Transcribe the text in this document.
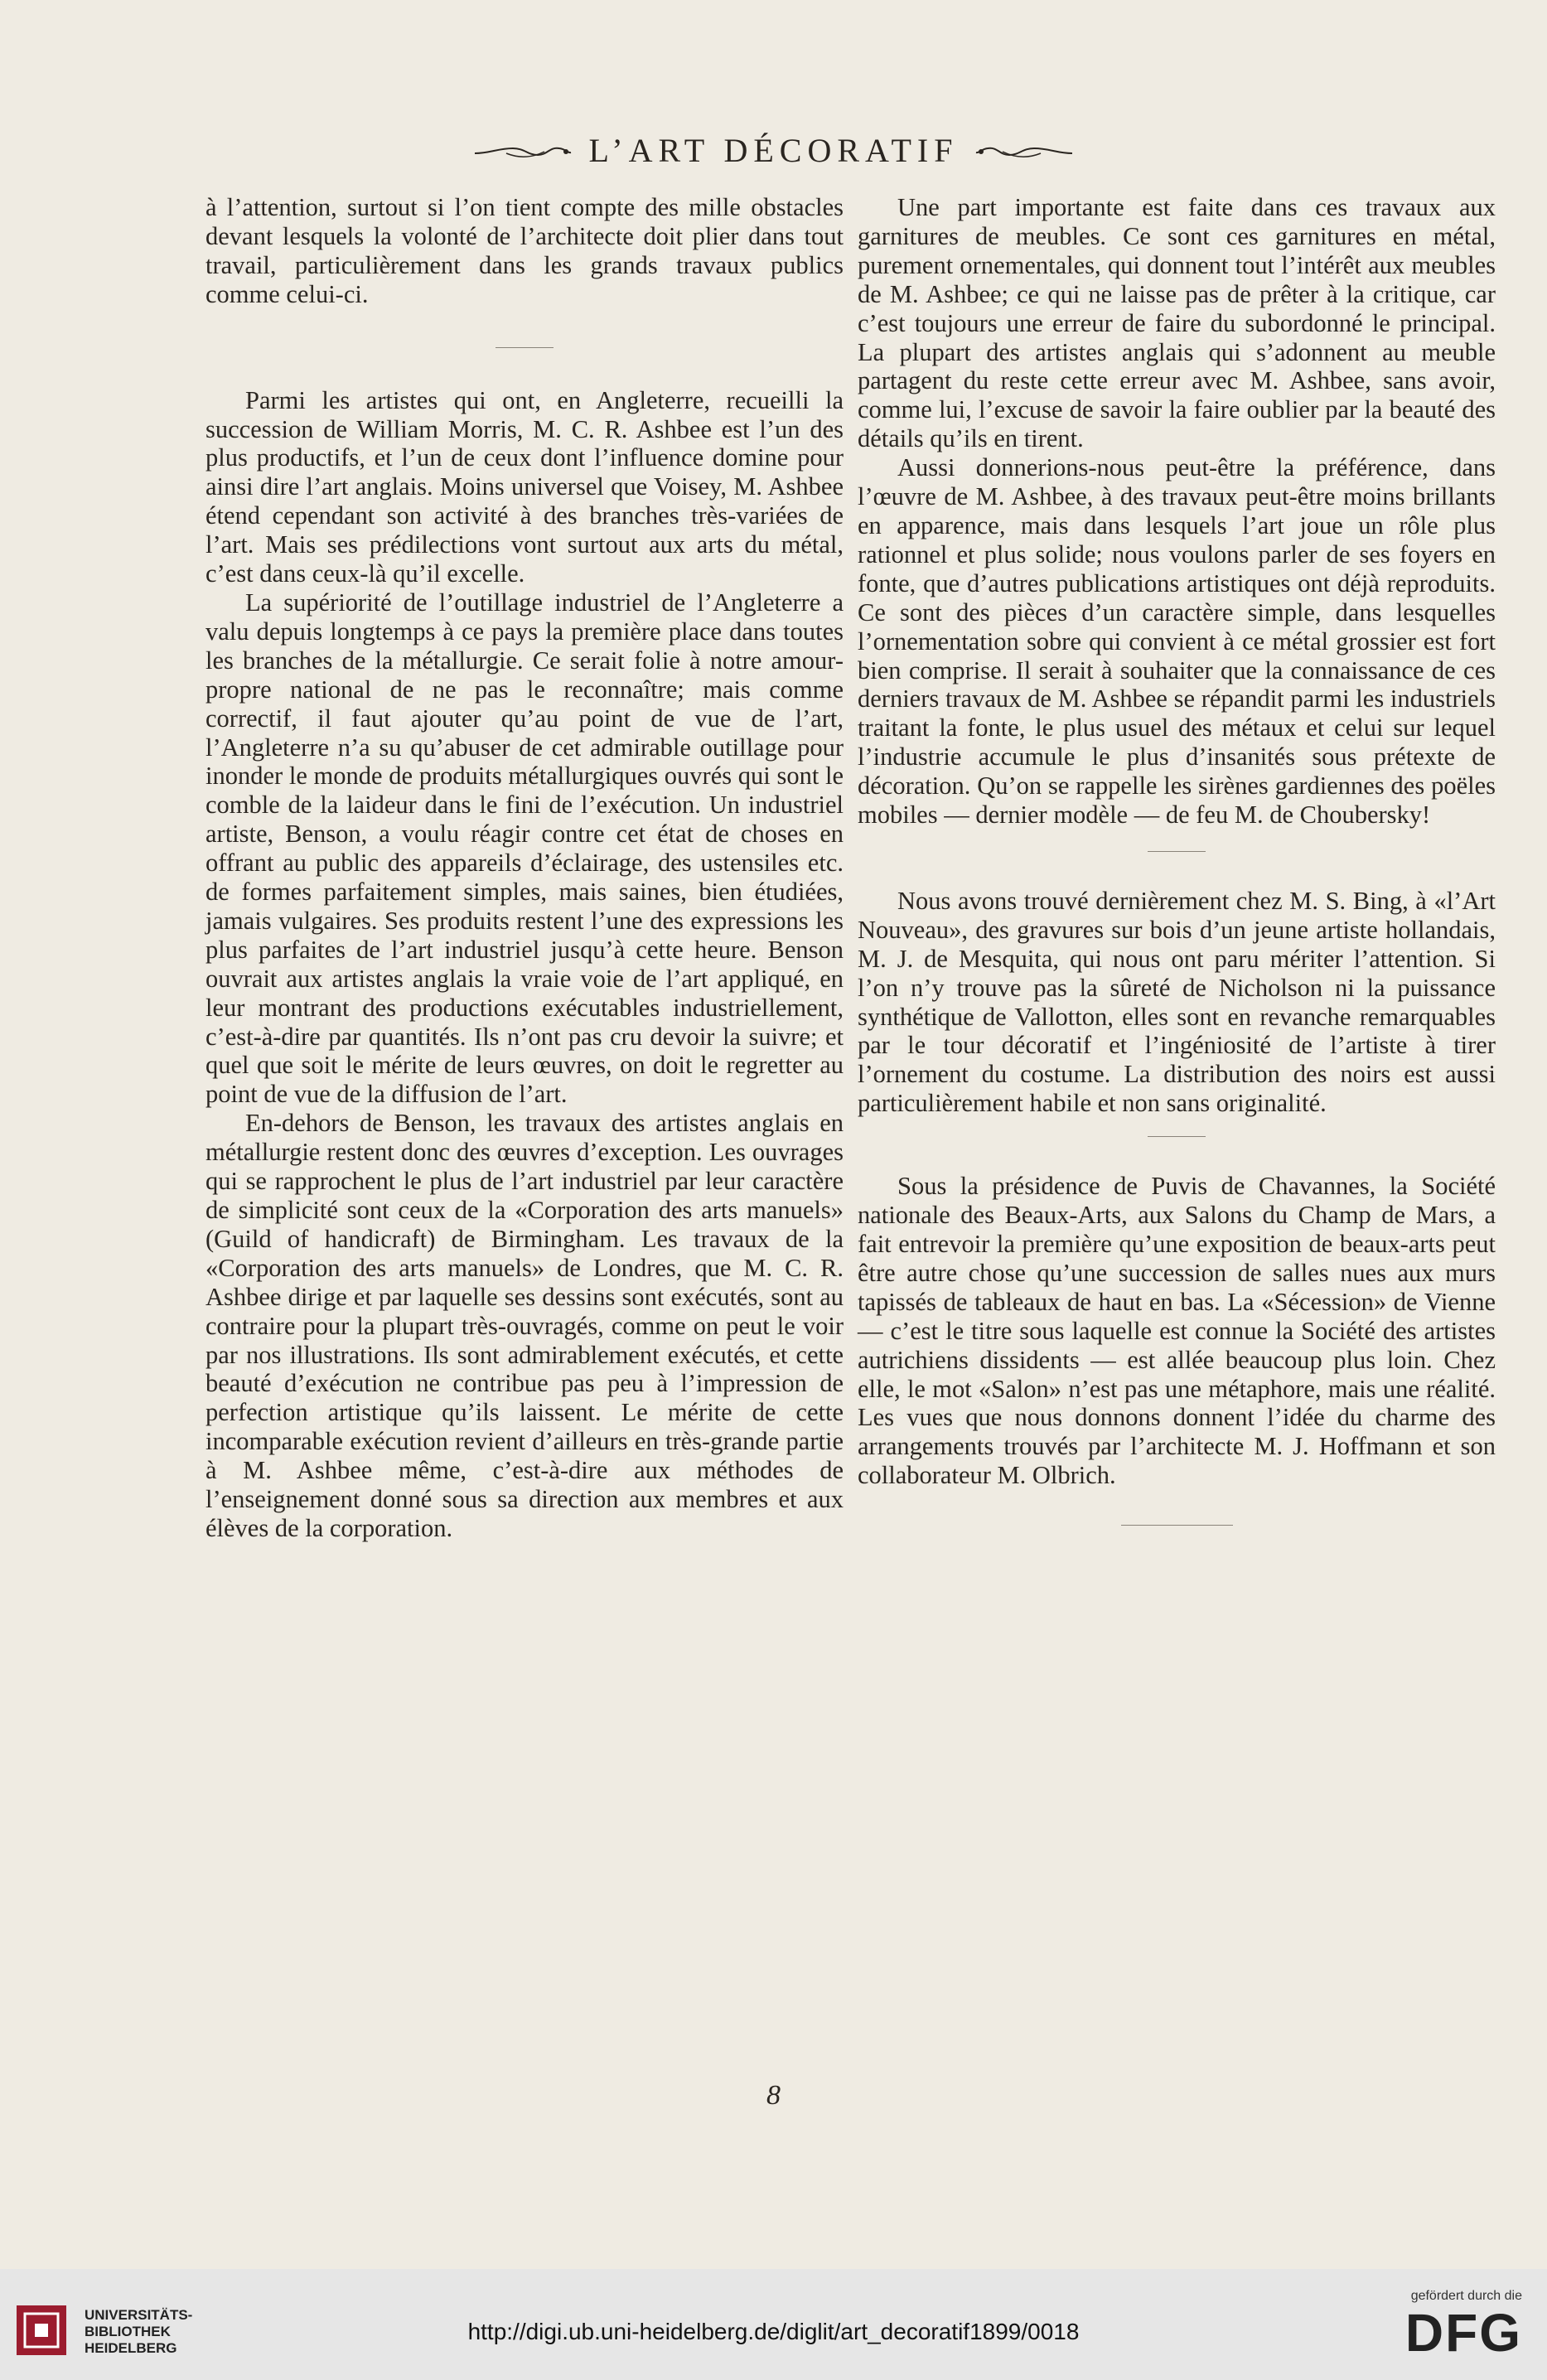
L’ART DÉCORATIF

à l’attention, surtout si l’on tient compte des mille obstacles devant lesquels la volonté de l’architecte doit plier dans tout travail, particulièrement dans les grands travaux publics comme celui-ci.

Parmi les artistes qui ont, en Angleterre, recueilli la succession de William Morris, M. C. R. Ashbee est l’un des plus productifs, et l’un de ceux dont l’influence domine pour ainsi dire l’art anglais. Moins universel que Voisey, M. Ashbee étend cependant son activité à des branches très-variées de l’art. Mais ses prédilections vont surtout aux arts du métal, c’est dans ceux-là qu’il excelle.

La supériorité de l’outillage industriel de l’Angleterre a valu depuis longtemps à ce pays la première place dans toutes les branches de la métallurgie. Ce serait folie à notre amour-propre national de ne pas le reconnaître; mais comme correctif, il faut ajouter qu’au point de vue de l’art, l’Angleterre n’a su qu’abuser de cet admirable outillage pour inonder le monde de produits métallurgiques ouvrés qui sont le comble de la laideur dans le fini de l’exécution. Un industriel artiste, Benson, a voulu réagir contre cet état de choses en offrant au public des appareils d’éclairage, des ustensiles etc. de formes parfaitement simples, mais saines, bien étudiées, jamais vulgaires. Ses produits restent l’une des expressions les plus parfaites de l’art industriel jusqu’à cette heure. Benson ouvrait aux artistes anglais la vraie voie de l’art appliqué, en leur montrant des productions exécutables industriellement, c’est-à-dire par quantités. Ils n’ont pas cru devoir la suivre; et quel que soit le mérite de leurs œuvres, on doit le regretter au point de vue de la diffusion de l’art.

En-dehors de Benson, les travaux des artistes anglais en métallurgie restent donc des œuvres d’exception. Les ouvrages qui se rapprochent le plus de l’art industriel par leur caractère de simplicité sont ceux de la «Corporation des arts manuels» (Guild of handicraft) de Birmingham. Les travaux de la «Corporation des arts manuels» de Londres, que M. C. R. Ashbee dirige et par laquelle ses dessins sont exécutés, sont au contraire pour la plupart très-ouvragés, comme on peut le voir par nos illustrations. Ils sont admirablement exécutés, et cette beauté d’exécution ne contribue pas peu à l’impression de perfection artistique qu’ils laissent. Le mérite de cette incomparable exécution revient d’ailleurs en très-grande partie à M. Ashbee même, c’est-à-dire aux méthodes de l’enseignement donné sous sa direction aux membres et aux élèves de la corporation.

Une part importante est faite dans ces travaux aux garnitures de meubles. Ce sont ces garnitures en métal, purement ornementales, qui donnent tout l’intérêt aux meubles de M. Ashbee; ce qui ne laisse pas de prêter à la critique, car c’est toujours une erreur de faire du subordonné le principal. La plupart des artistes anglais qui s’adonnent au meuble partagent du reste cette erreur avec M. Ashbee, sans avoir, comme lui, l’excuse de savoir la faire oublier par la beauté des détails qu’ils en tirent.

Aussi donnerions-nous peut-être la préférence, dans l’œuvre de M. Ashbee, à des travaux peut-être moins brillants en apparence, mais dans lesquels l’art joue un rôle plus rationnel et plus solide; nous voulons parler de ses foyers en fonte, que d’autres publications artistiques ont déjà reproduits. Ce sont des pièces d’un caractère simple, dans lesquelles l’ornementation sobre qui convient à ce métal grossier est fort bien comprise. Il serait à souhaiter que la connaissance de ces derniers travaux de M. Ashbee se répandit parmi les industriels traitant la fonte, le plus usuel des métaux et celui sur lequel l’industrie accumule le plus d’insanités sous prétexte de décoration. Qu’on se rappelle les sirènes gardiennes des poëles mobiles — dernier modèle — de feu M. de Choubersky!

Nous avons trouvé dernièrement chez M. S. Bing, à «l’Art Nouveau», des gravures sur bois d’un jeune artiste hollandais, M. J. de Mesquita, qui nous ont paru mériter l’attention. Si l’on n’y trouve pas la sûreté de Nicholson ni la puissance synthétique de Vallotton, elles sont en revanche remarquables par le tour décoratif et l’ingéniosité de l’artiste à tirer l’ornement du costume. La distribution des noirs est aussi particulièrement habile et non sans originalité.

Sous la présidence de Puvis de Chavannes, la Société nationale des Beaux-Arts, aux Salons du Champ de Mars, a fait entrevoir la première qu’une exposition de beaux-arts peut être autre chose qu’une succession de salles nues aux murs tapissés de tableaux de haut en bas. La «Sécession» de Vienne — c’est le titre sous laquelle est connue la Société des artistes autrichiens dissidents — est allée beaucoup plus loin. Chez elle, le mot «Salon» n’est pas une métaphore, mais une réalité. Les vues que nous donnons donnent l’idée du charme des arrangements trouvés par l’architecte M. J. Hoffmann et son collaborateur M. Olbrich.

8
UNIVERSITÄTS-
BIBLIOTHEK
HEIDELBERG
http://digi.ub.uni-heidelberg.de/diglit/art_decoratif1899/0018
gefördert durch die
DFG
